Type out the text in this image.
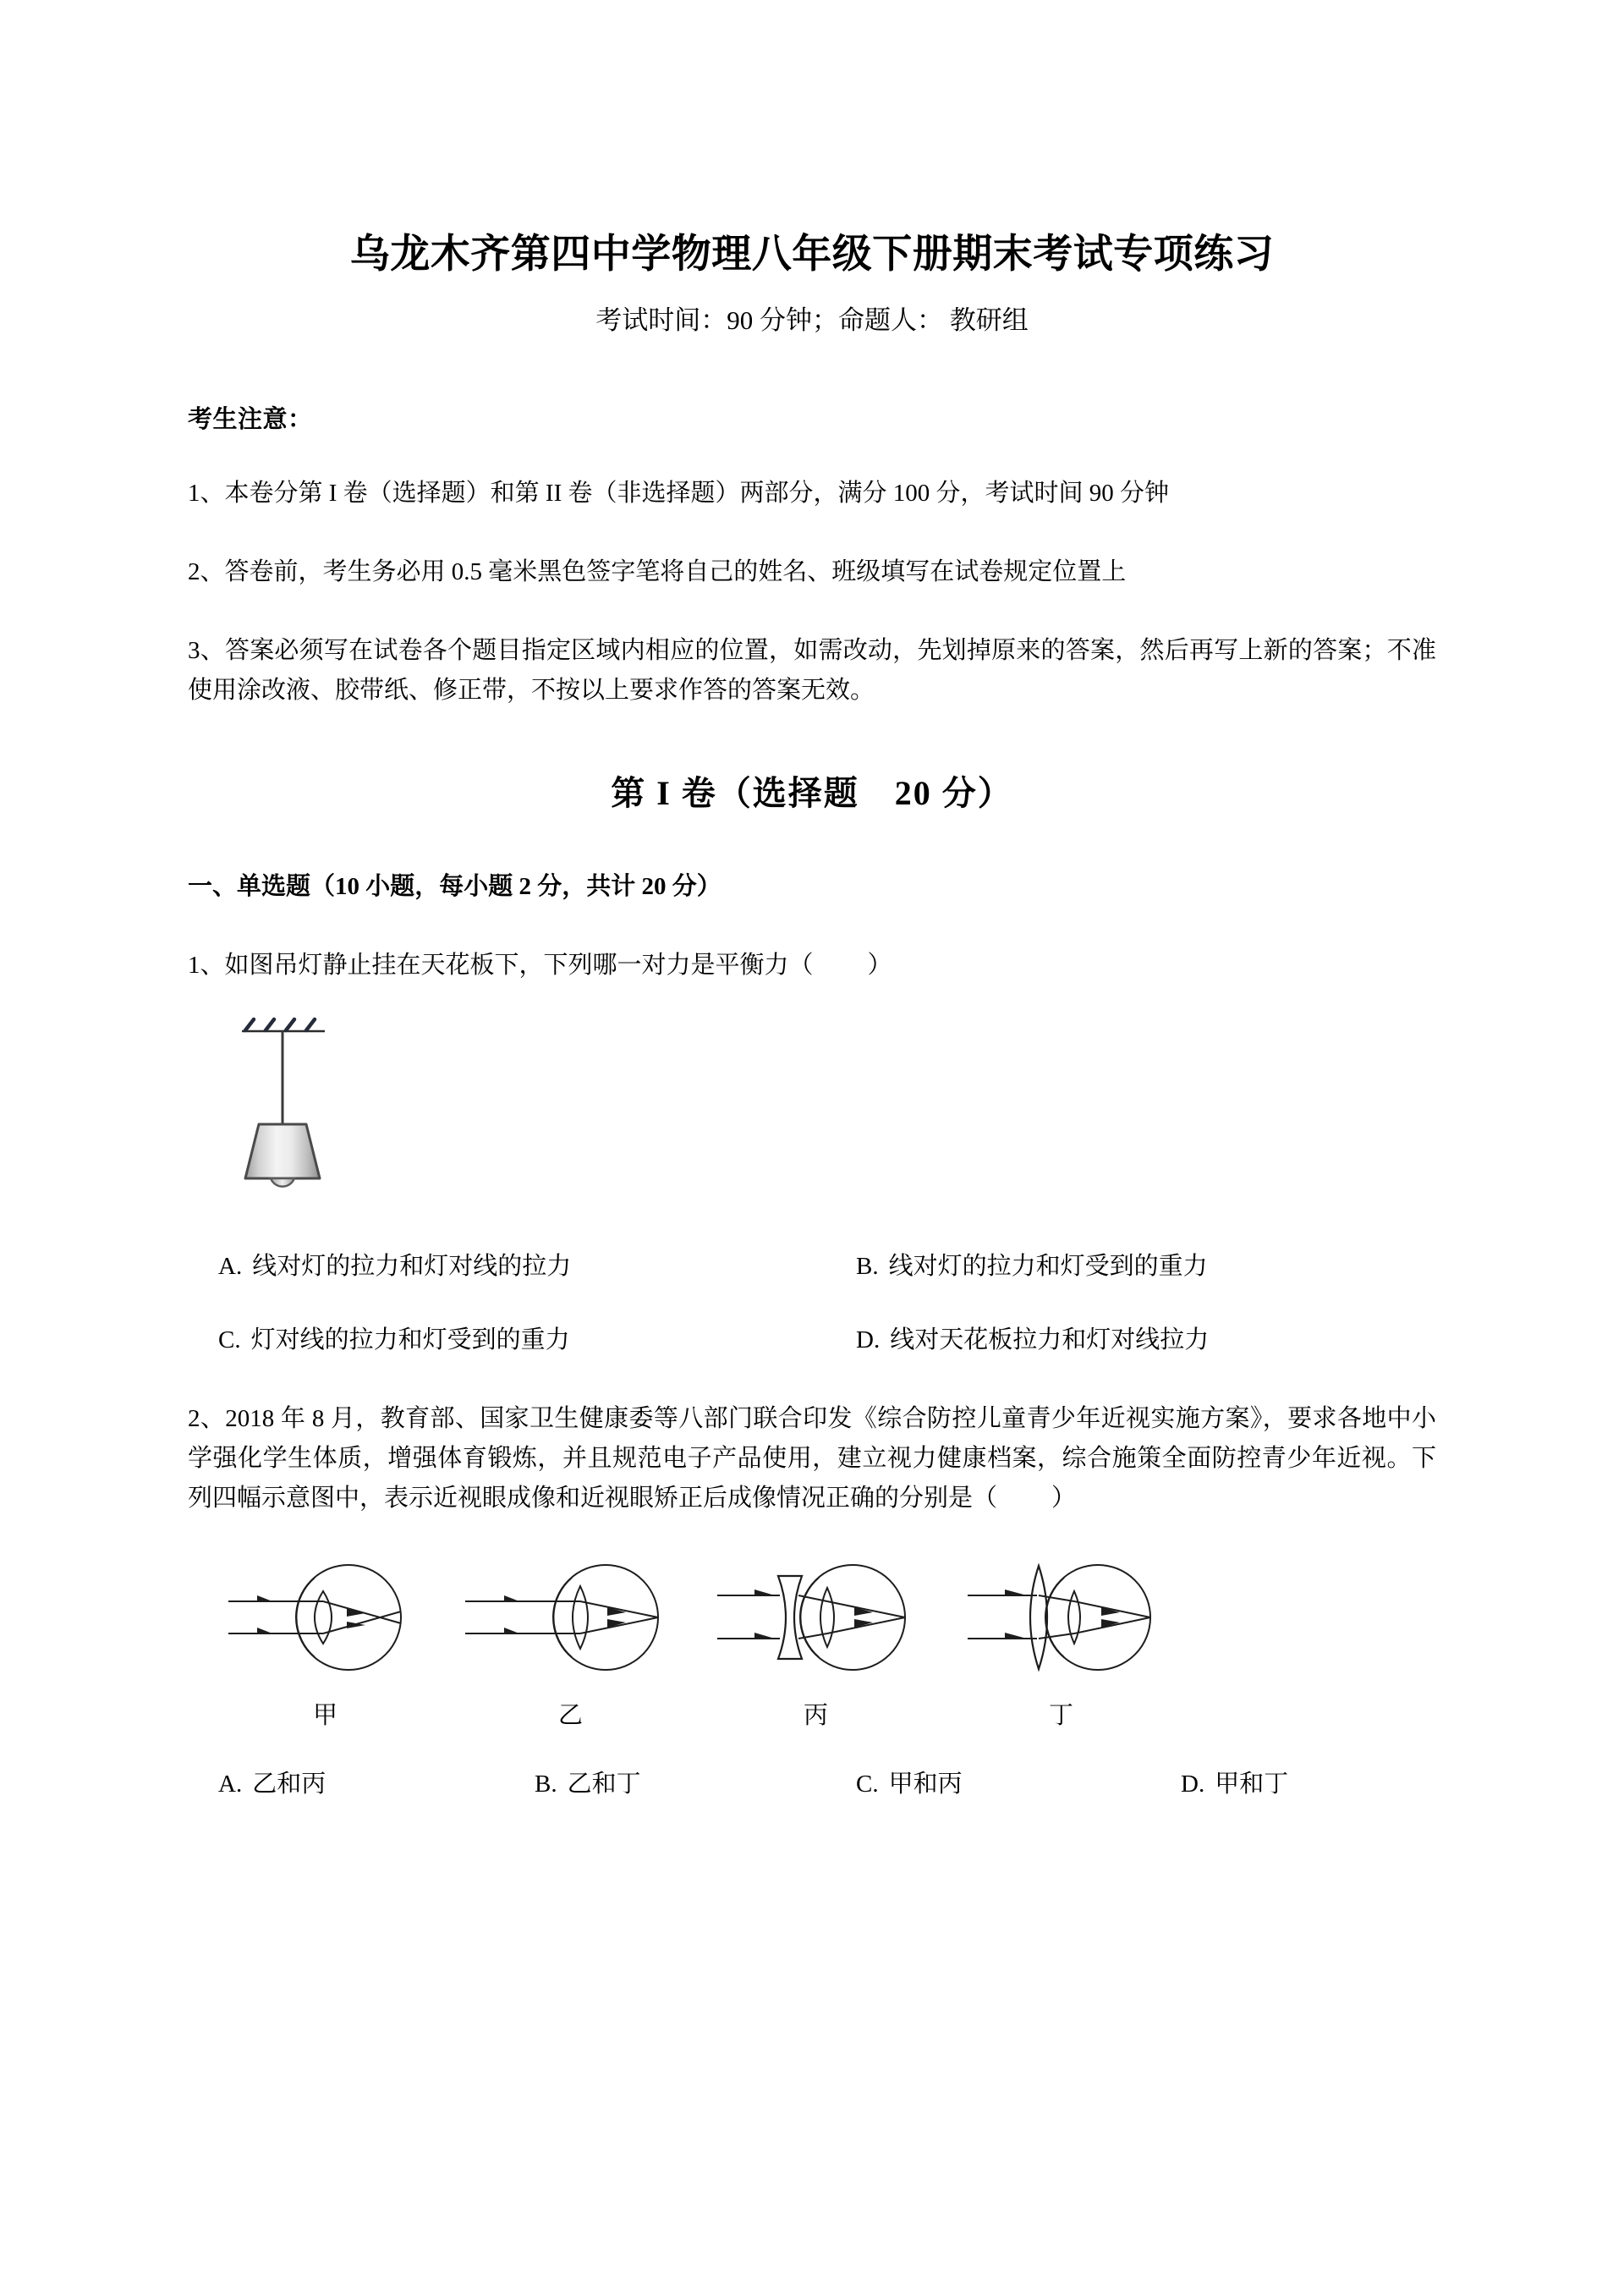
乌龙木齐第四中学物理八年级下册期末考试专项练习
考试时间：90 分钟；命题人： 教研组
考生注意：

1、本卷分第 I 卷（选择题）和第 II 卷（非选择题）两部分，满分 100 分，考试时间 90 分钟

2、答卷前，考生务必用 0.5 毫米黑色签字笔将自己的姓名、班级填写在试卷规定位置上

3、答案必须写在试卷各个题目指定区域内相应的位置，如需改动，先划掉原来的答案，然后再写上新的答案；不准使用涂改液、胶带纸、修正带，不按以上要求作答的答案无效。

第 I 卷（选择题　20 分）
一、单选题（10 小题，每小题 2 分，共计 20 分）

1、如图吊灯静止挂在天花板下，下列哪一对力是平衡力（　　）

A. 线对灯的拉力和灯对线的拉力	B. 线对灯的拉力和灯受到的重力
C. 灯对线的拉力和灯受到的重力	D. 线对天花板拉力和灯对线拉力

2、2018 年 8 月，教育部、国家卫生健康委等八部门联合印发《综合防控儿童青少年近视实施方案》，要求各地中小学强化学生体质，增强体育锻炼，并且规范电子产品使用，建立视力健康档案，综合施策全面防控青少年近视。下列四幅示意图中，表示近视眼成像和近视眼矫正后成像情况正确的分别是（　　）

甲	乙	丙	丁
A. 乙和丙	B. 乙和丁	C. 甲和丙	D. 甲和丁
